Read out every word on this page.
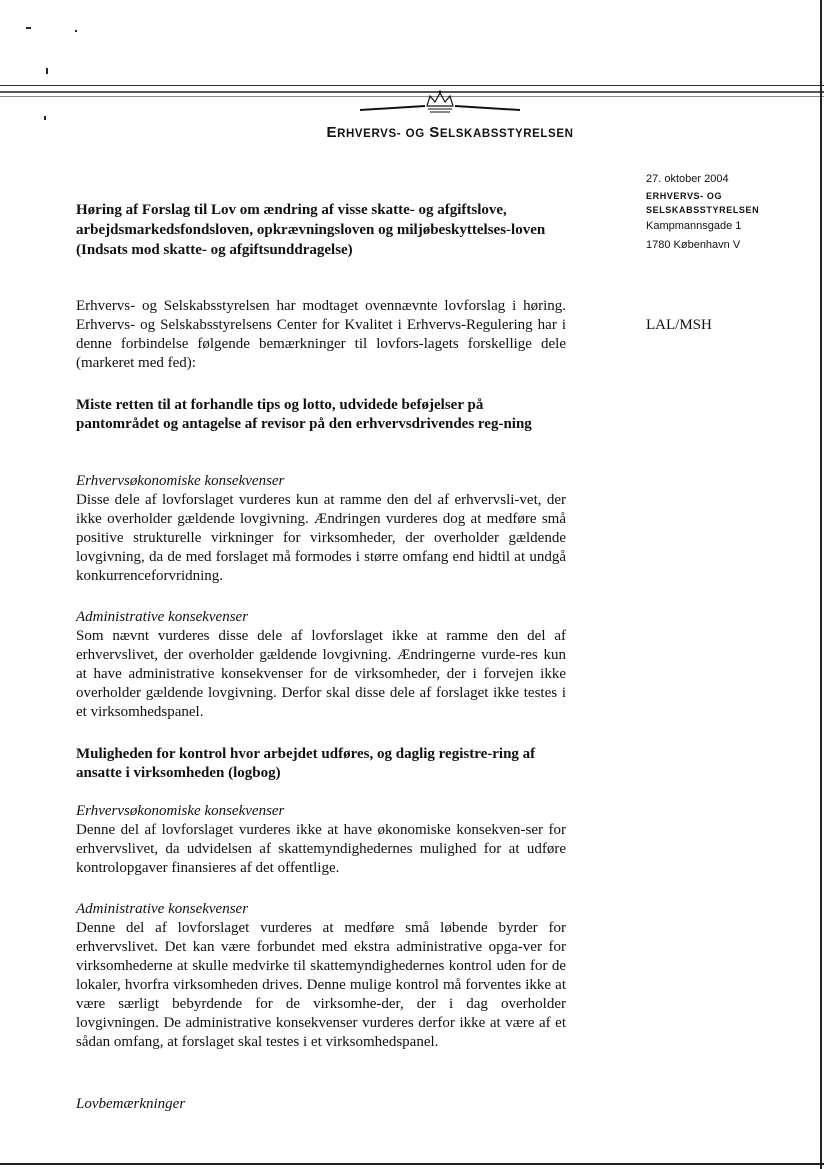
ERHVERVS- OG SELSKABSSTYRELSEN
27. oktober 2004
ERHVERVS- OG
SELSKABSSTYRELSEN
Kampmannsgade 1
1780 København V
LAL/MSH
Høring af Forslag til Lov om ændring af visse skatte- og afgiftslove, arbejdsmarkedsfondsloven, opkrævningsloven og miljøbeskyttelses-loven (Indsats mod skatte- og afgiftsunddragelse)
Erhvervs- og Selskabsstyrelsen har modtaget ovennævnte lovforslag i høring. Erhvervs- og Selskabsstyrelsens Center for Kvalitet i Erhvervs-Regulering har i denne forbindelse følgende bemærkninger til lovfors-lagets forskellige dele (markeret med fed):
Miste retten til at forhandle tips og lotto, udvidede beføjelser på pantområdet og antagelse af revisor på den erhvervsdrivendes reg-ning

Erhvervsøkonomiske konsekvenser

Disse dele af lovforslaget vurderes kun at ramme den del af erhvervsli-vet, der ikke overholder gældende lovgivning. Ændringen vurderes dog at medføre små positive strukturelle virkninger for virksomheder, der overholder gældende lovgivning, da de med forslaget må formodes i større omfang end hidtil at undgå konkurrenceforvridning.

Administrative konsekvenser

Som nævnt vurderes disse dele af lovforslaget ikke at ramme den del af erhvervslivet, der overholder gældende lovgivning. Ændringerne vurde-res kun at have administrative konsekvenser for de virksomheder, der i forvejen ikke overholder gældende lovgivning. Derfor skal disse dele af forslaget ikke testes i et virksomhedspanel.

Muligheden for kontrol hvor arbejdet udføres, og daglig registre-ring af ansatte i virksomheden (logbog)

Erhvervsøkonomiske konsekvenser

Denne del af lovforslaget vurderes ikke at have økonomiske konsekven-ser for erhvervslivet, da udvidelsen af skattemyndighedernes mulighed for at udføre kontrolopgaver finansieres af det offentlige.

Administrative konsekvenser

Denne del af lovforslaget vurderes at medføre små løbende byrder for erhvervslivet. Det kan være forbundet med ekstra administrative opga-ver for virksomhederne at skulle medvirke til skattemyndighedernes kontrol uden for de lokaler, hvorfra virksomheden drives. Denne mulige kontrol må forventes ikke at være særligt bebyrdende for de virksomhe-der, der i dag overholder lovgivningen. De administrative konsekvenser vurderes derfor ikke at være af et sådan omfang, at forslaget skal testes i et virksomhedspanel.

Lovbemærkninger
